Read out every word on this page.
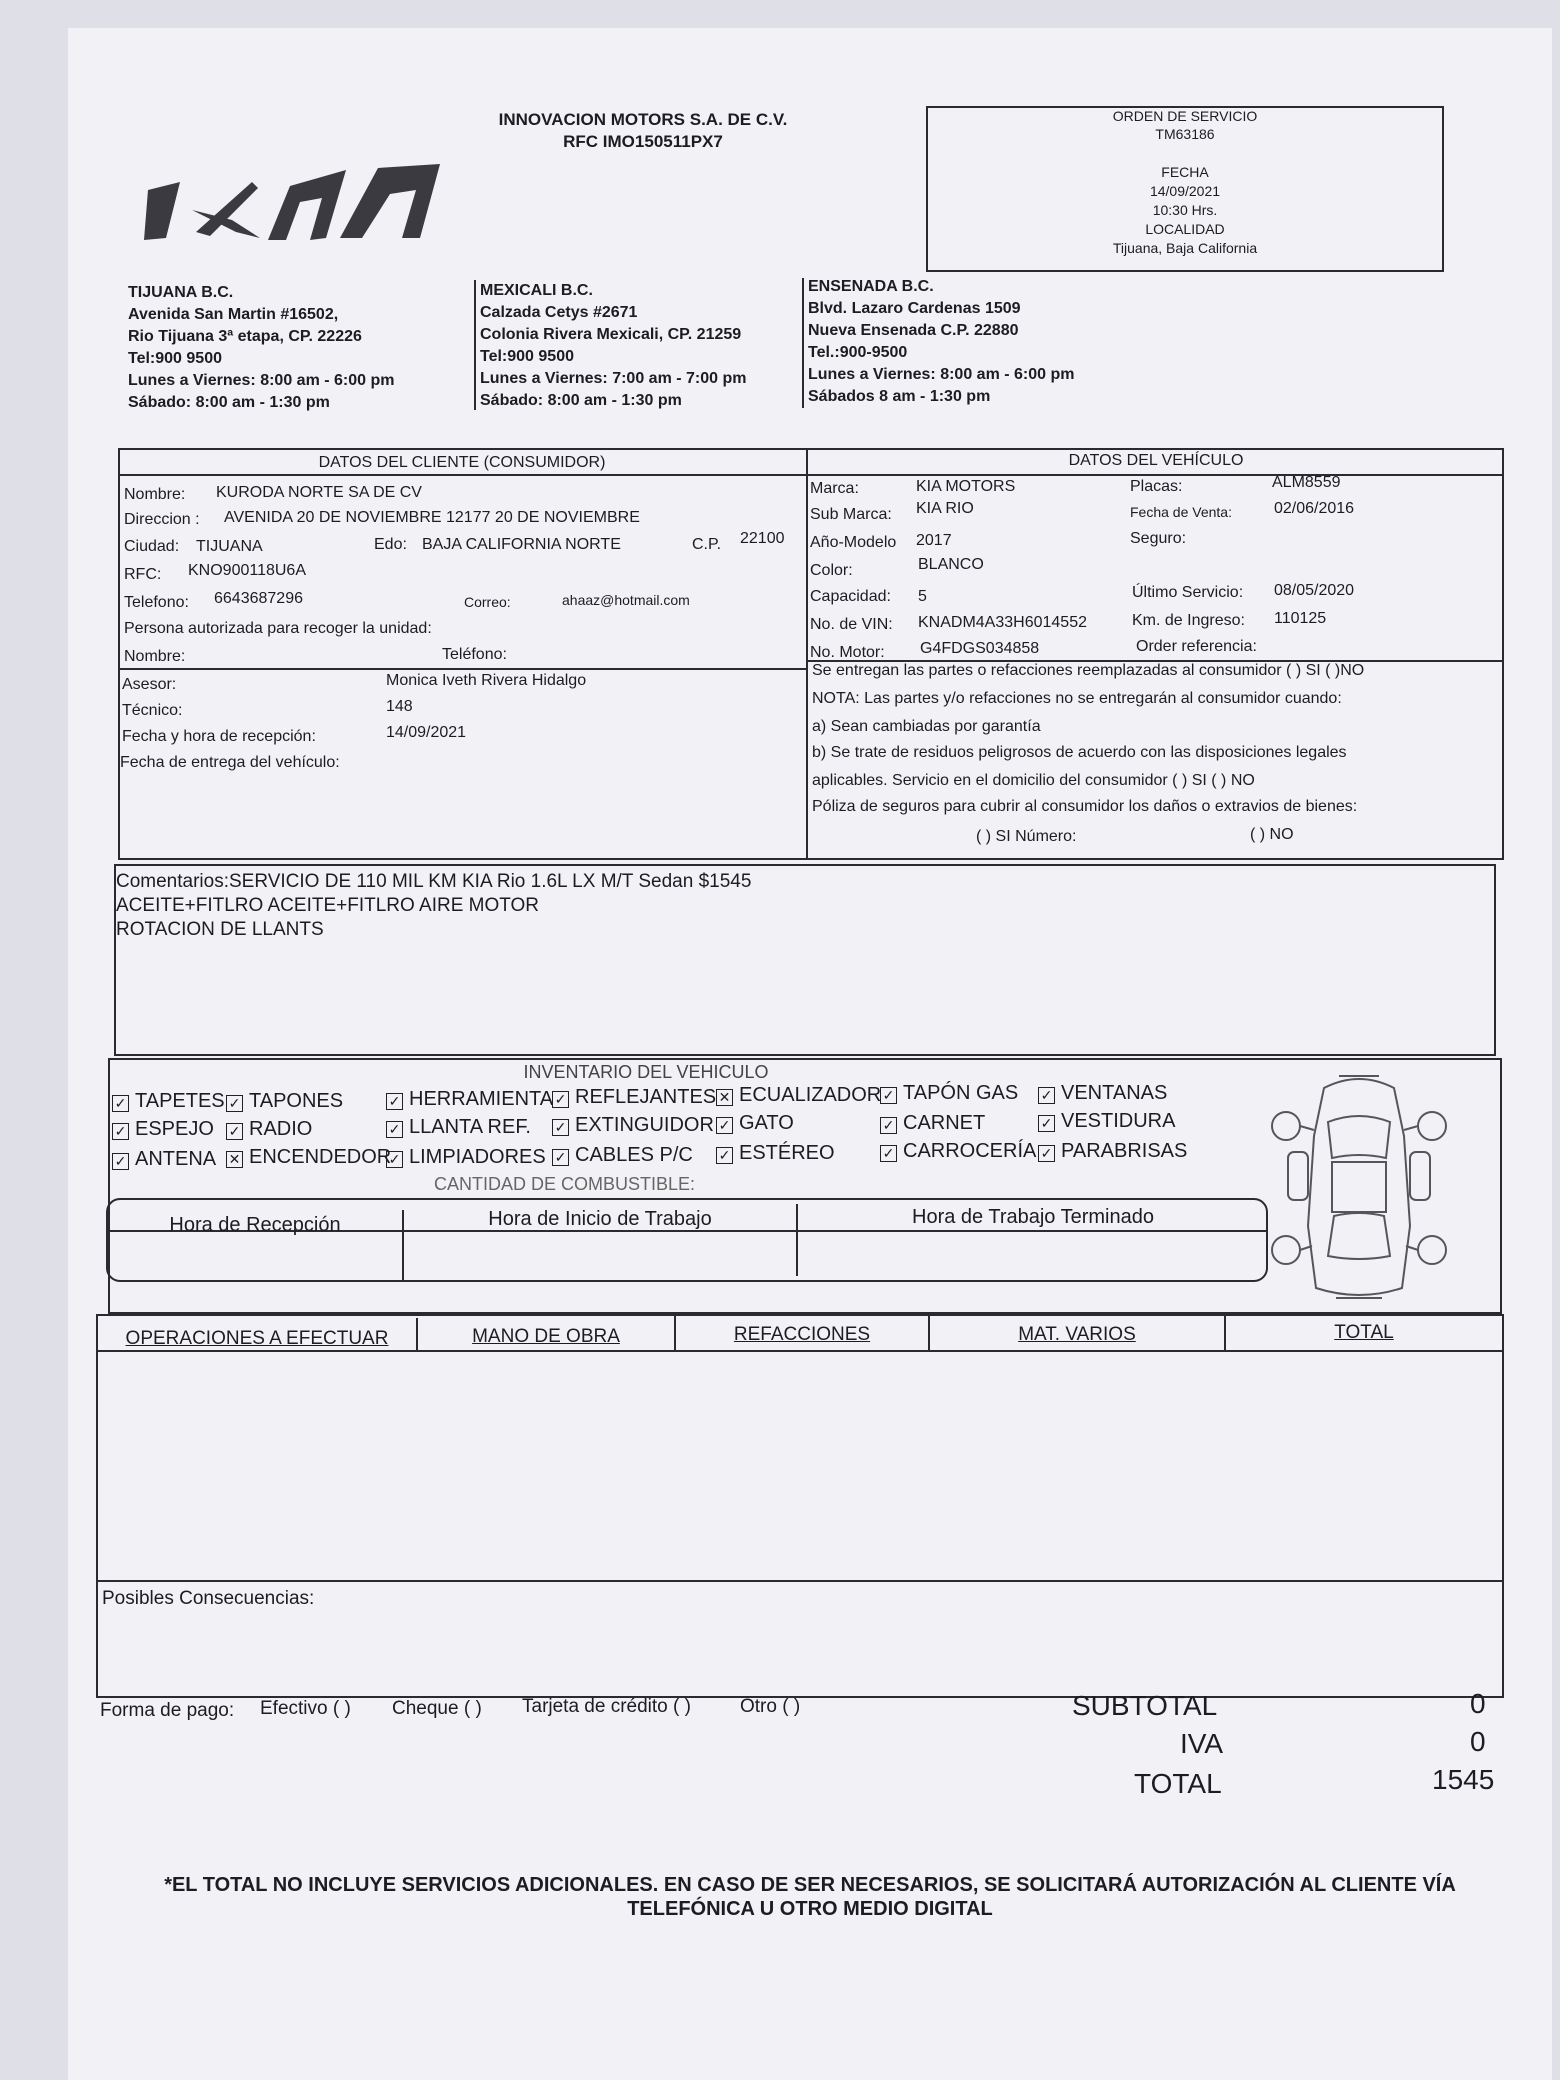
INNOVACION MOTORS S.A. DE C.V.
RFC IMO150511PX7
ORDEN DE SERVICIO
TM63186
FECHA
14/09/2021
10:30 Hrs.
LOCALIDAD
Tijuana, Baja California
TIJUANA B.C.
Avenida San Martin #16502,
Rio Tijuana 3ª etapa, CP. 22226
Tel:900 9500
Lunes a Viernes: 8:00 am - 6:00 pm
Sábado: 8:00 am - 1:30 pm
MEXICALI B.C.
Calzada Cetys #2671
Colonia Rivera Mexicali, CP. 21259
Tel:900 9500
Lunes a Viernes: 7:00 am - 7:00 pm
Sábado: 8:00 am - 1:30 pm
ENSENADA B.C.
Blvd. Lazaro Cardenas 1509
Nueva Ensenada C.P. 22880
Tel.:900-9500
Lunes a Viernes: 8:00 am - 6:00 pm
Sábados 8 am - 1:30 pm
DATOS DEL CLIENTE (CONSUMIDOR)	DATOS DEL VEHÍCULO
Nombre: KURODA NORTE SA DE CV
Direccion : AVENIDA 20 DE NOVIEMBRE 12177 20 DE NOVIEMBRE
Ciudad: TIJUANA	Edo: BAJA CALIFORNIA NORTE	C.P. 22100
RFC: KNO900118U6A
Telefono: 6643687296	Correo:	ahaaz@hotmail.com
Persona autorizada para recoger la unidad:
Nombre:	Teléfono:
Asesor:	Monica Iveth Rivera Hidalgo
Técnico:	148
Fecha y hora de recepción:	14/09/2021
Fecha de entrega del vehículo:
Marca:	KIA MOTORS	Placas:	ALM8559
Sub Marca: KIA RIO	Fecha de Venta:	02/06/2016
Año-Modelo 2017	Seguro:
Color:	BLANCO
Capacidad: 5	Último Servicio: 08/05/2020
No. de VIN: KNADM4A33H6014552	Km. de Ingreso: 110125
No. Motor: G4FDGS034858	Order referencia:
Se entregan las partes o refacciones reemplazadas al consumidor ( ) SI ( )NO
NOTA: Las partes y/o refacciones no se entregarán al consumidor cuando:
a) Sean cambiadas por garantía
b) Se trate de residuos peligrosos de acuerdo con las disposiciones legales
aplicables. Servicio en el domicilio del consumidor ( ) SI ( ) NO
Póliza de seguros para cubrir al consumidor los daños o extravios de bienes:
( ) SI Número:	( ) NO
Comentarios:SERVICIO DE 110 MIL KM KIA Rio 1.6L LX M/T Sedan $1545
ACEITE+FITLRO ACEITE+FITLRO AIRE MOTOR
ROTACION DE LLANTS
INVENTARIO DEL VEHICULO
✓ TAPETES ✓ TAPONES	✓ HERRAMIENTA ✓ REFLEJANTES ✕ ECUALIZADOR ✓ TAPÓN GAS ✓ VENTANAS
✓ ESPEJO ✓ RADIO	✓ LLANTA REF. ✓ EXTINGUIDOR ✓ GATO	✓ CARNET	✓ VESTIDURA
✓ ANTENA ✕ ENCENDEDOR
✓ LIMPIADORES ✓ CABLES P/C ✓ ESTÉREO	✓ CARROCERÍA ✓ PARABRISAS
CANTIDAD DE COMBUSTIBLE:
Hora de Recepción	Hora de Inicio de Trabajo	Hora de Trabajo Terminado
OPERACIONES A EFECTUAR	MANO DE OBRA	REFACCIONES	MAT. VARIOS	TOTAL
Posibles Consecuencias:
Forma de pago: Efectivo ( ) Cheque ( ) Tarjeta de crédito ( )	Otro ( )	SUBTOTAL	0
IVA	0
TOTAL	1545
*EL TOTAL NO INCLUYE SERVICIOS ADICIONALES. EN CASO DE SER NECESARIOS, SE SOLICITARÁ AUTORIZACIÓN AL CLIENTE VÍA
TELEFÓNICA U OTRO MEDIO DIGITAL
